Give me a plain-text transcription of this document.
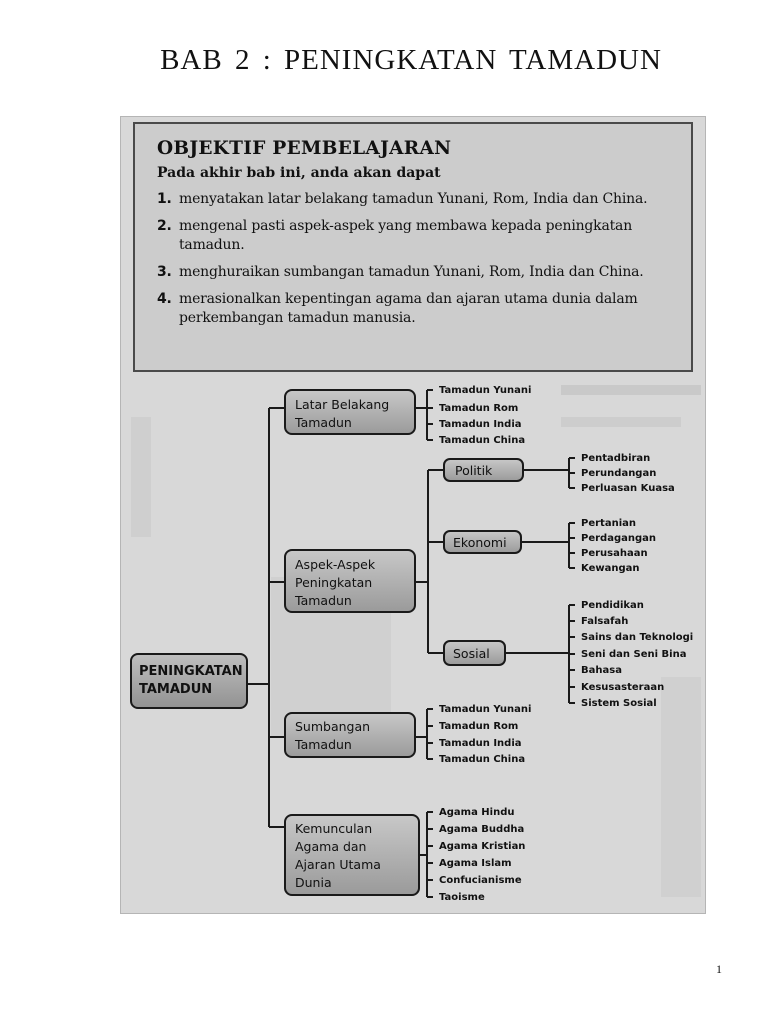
BAB 2 : PENINGKATAN TAMADUN
OBJEKTIF PEMBELAJARAN
Pada akhir bab ini, anda akan dapat
1. menyatakan latar belakang tamadun Yunani, Rom, India dan China.
2. mengenal pasti aspek-aspek yang membawa kepada peningkatan tamadun.
3. menghuraikan sumbangan tamadun Yunani, Rom, India dan China.
4. merasionalkan kepentingan agama dan ajaran utama dunia dalam perkembangan tamadun manusia.
PENINGKATAN
TAMADUN
Latar Belakang
Tamadun
Tamadun Yunani
Tamadun Rom
Tamadun India
Tamadun China
Aspek-Aspek
Peningkatan
Tamadun
Politik
Pentadbiran
Perundangan
Perluasan Kuasa
Ekonomi
Pertanian
Perdagangan
Perusahaan
Kewangan
Sosial
Pendidikan
Falsafah
Sains dan Teknologi
Seni dan Seni Bina
Bahasa
Kesusasteraan
Sistem Sosial
Sumbangan
Tamadun
Tamadun Yunani
Tamadun Rom
Tamadun India
Tamadun China
Kemunculan
Agama dan
Ajaran Utama
Dunia
Agama Hindu
Agama Buddha
Agama Kristian
Agama Islam
Confucianisme
Taoisme
1
